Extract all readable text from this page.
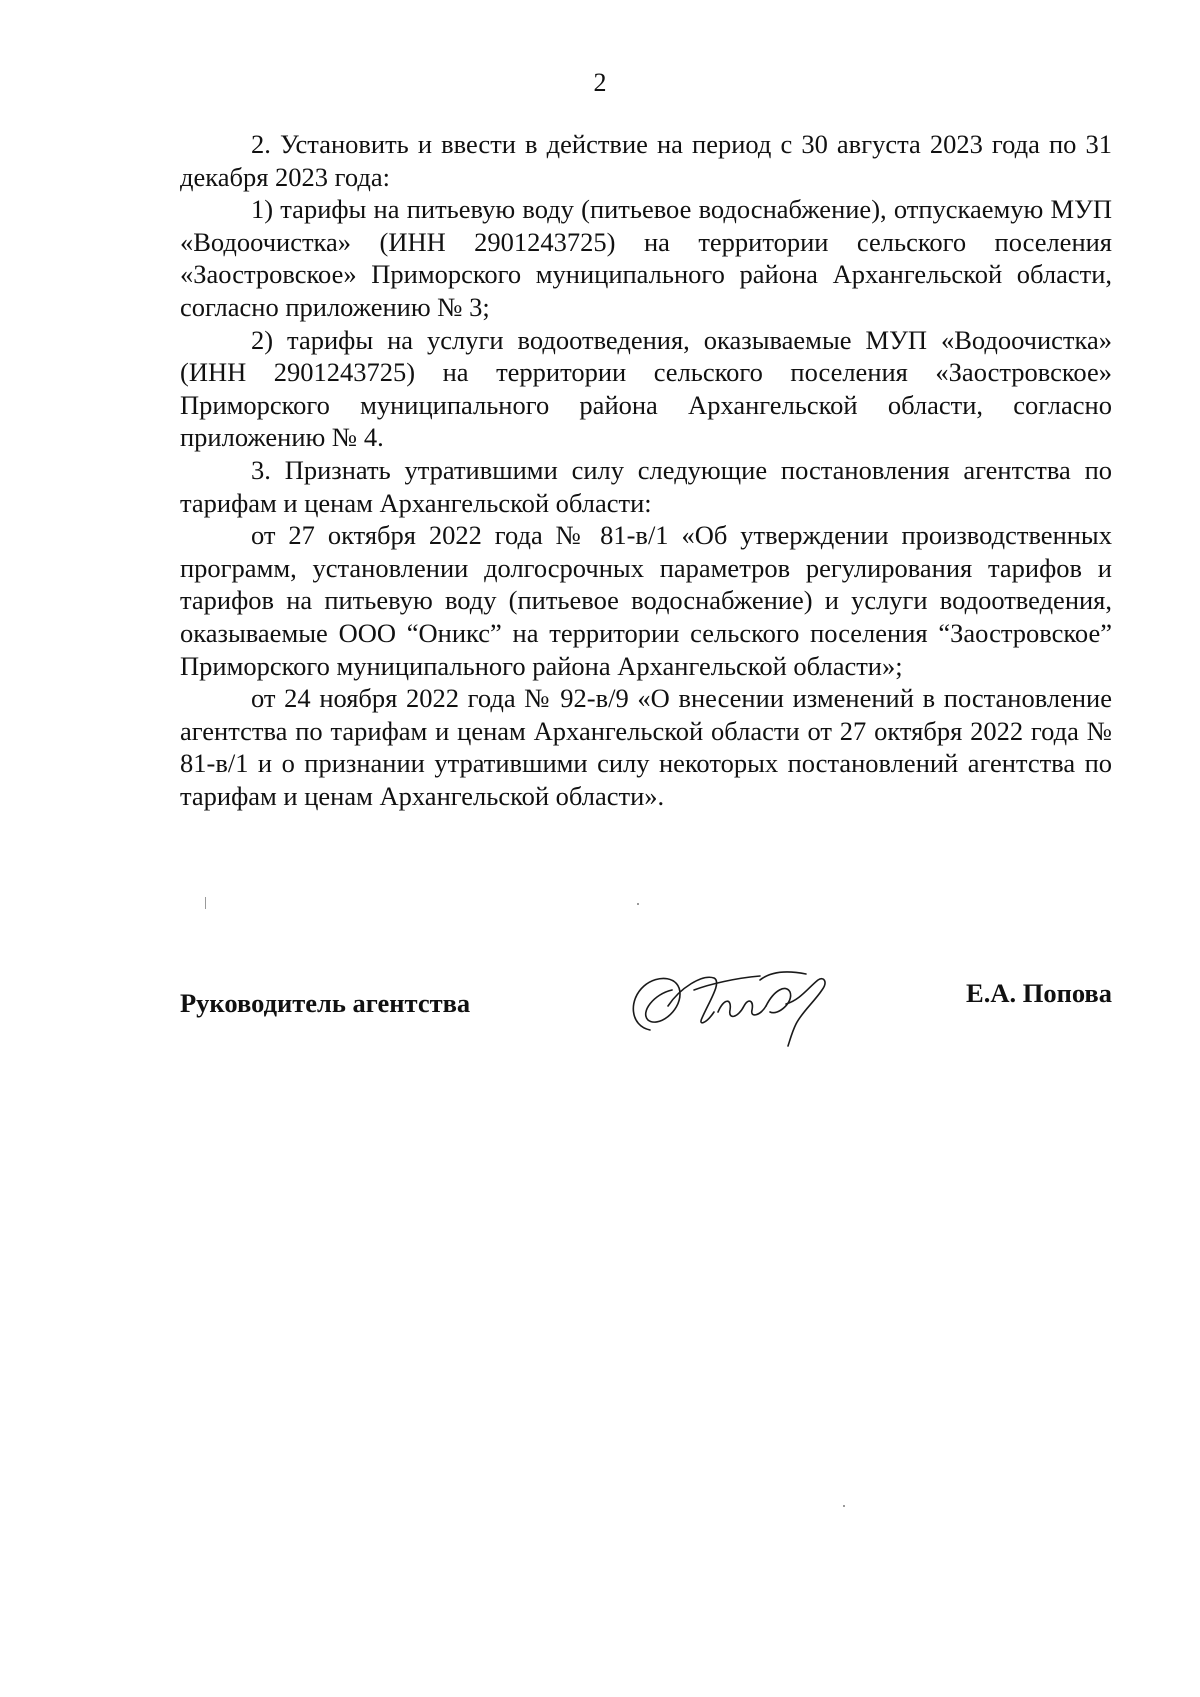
2

2. Установить и ввести в действие на период с 30 августа 2023 года по 31 декабря 2023 года:

1) тарифы на питьевую воду (питьевое водоснабжение), отпускаемую МУП «Водоочистка» (ИНН 2901243725) на территории сельского поселения «Заостровское» Приморского муниципального района Архангельской области, согласно приложению № 3;

2) тарифы на услуги водоотведения, оказываемые МУП «Водоочистка» (ИНН 2901243725) на территории сельского поселения «Заостровское» Приморского муниципального района Архангельской области, согласно приложению № 4.

3. Признать утратившими силу следующие постановления агентства по тарифам и ценам Архангельской области:

от 27 октября 2022 года № 81-в/1 «Об утверждении производственных программ, установлении долгосрочных параметров регулирования тарифов и тарифов на питьевую воду (питьевое водоснабжение) и услуги водоотведения, оказываемые ООО “Оникс” на территории сельского поселения “Заостровское” Приморского муниципального района Архангельской области»;

от 24 ноября 2022 года № 92-в/9 «О внесении изменений в постановление агентства по тарифам и ценам Архангельской области от 27 октября 2022 года № 81-в/1 и о признании утратившими силу некоторых постановлений агентства по тарифам и ценам Архангельской области».

Руководитель агентства	Е.А. Попова
